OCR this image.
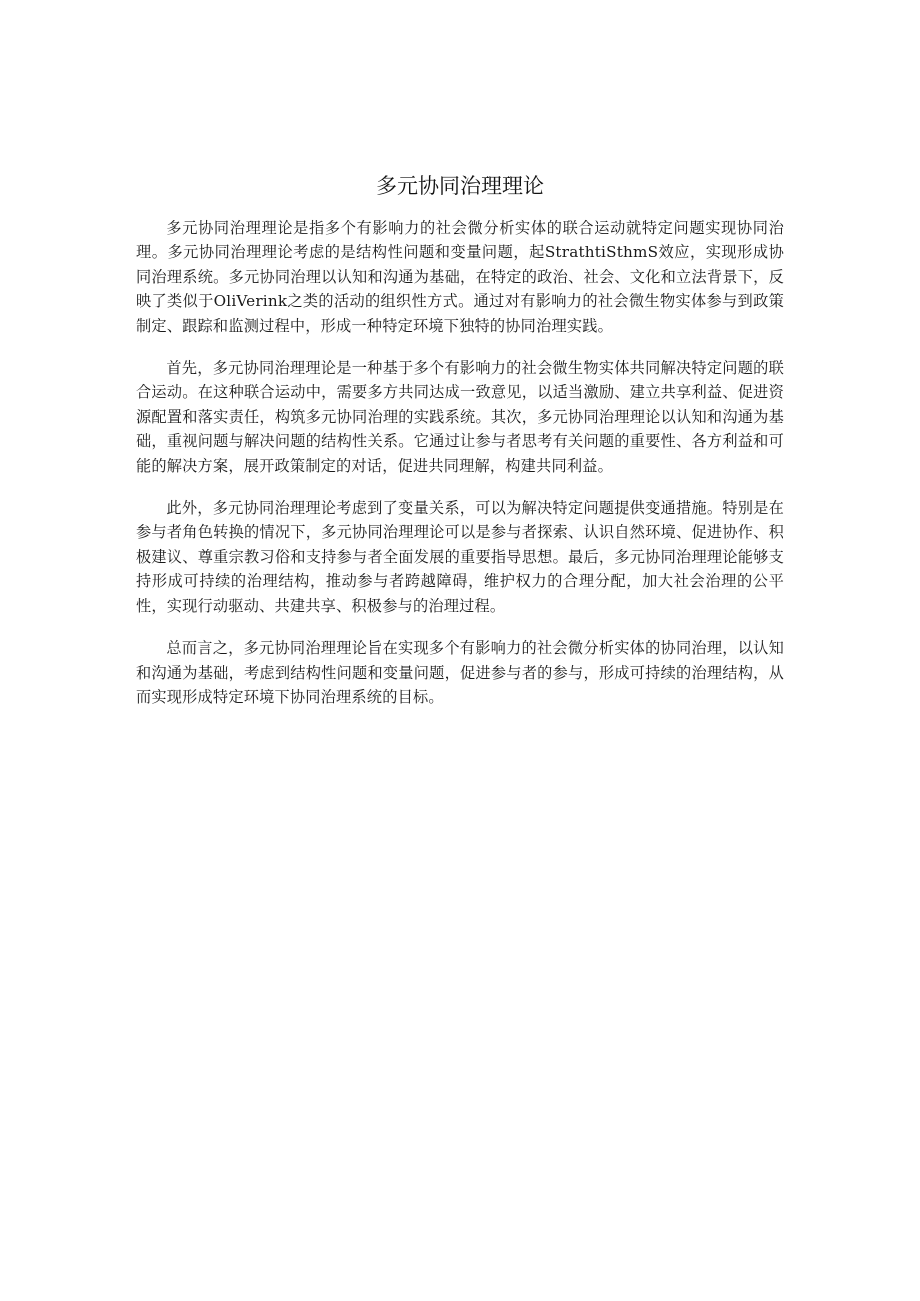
多元协同治理理论

多元协同治理理论是指多个有影响力的社会微分析实体的联合运动就特定问题实现协同治理。多元协同治理理论考虑的是结构性问题和变量问题，起StrathtiSthmS效应，实现形成协同治理系统。多元协同治理以认知和沟通为基础，在特定的政治、社会、文化和立法背景下，反映了类似于OliVerink之类的活动的组织性方式。通过对有影响力的社会微生物实体参与到政策制定、跟踪和监测过程中，形成一种特定环境下独特的协同治理实践。

首先，多元协同治理理论是一种基于多个有影响力的社会微生物实体共同解决特定问题的联合运动。在这种联合运动中，需要多方共同达成一致意见，以适当激励、建立共享利益、促进资源配置和落实责任，构筑多元协同治理的实践系统。其次，多元协同治理理论以认知和沟通为基础，重视问题与解决问题的结构性关系。它通过让参与者思考有关问题的重要性、各方利益和可能的解决方案，展开政策制定的对话，促进共同理解，构建共同利益。

此外，多元协同治理理论考虑到了变量关系，可以为解决特定问题提供变通措施。特别是在参与者角色转换的情况下，多元协同治理理论可以是参与者探索、认识自然环境、促进协作、积极建议、尊重宗教习俗和支持参与者全面发展的重要指导思想。最后，多元协同治理理论能够支持形成可持续的治理结构，推动参与者跨越障碍，维护权力的合理分配，加大社会治理的公平性，实现行动驱动、共建共享、积极参与的治理过程。

总而言之，多元协同治理理论旨在实现多个有影响力的社会微分析实体的协同治理，以认知和沟通为基础，考虑到结构性问题和变量问题，促进参与者的参与，形成可持续的治理结构，从而实现形成特定环境下协同治理系统的目标。
